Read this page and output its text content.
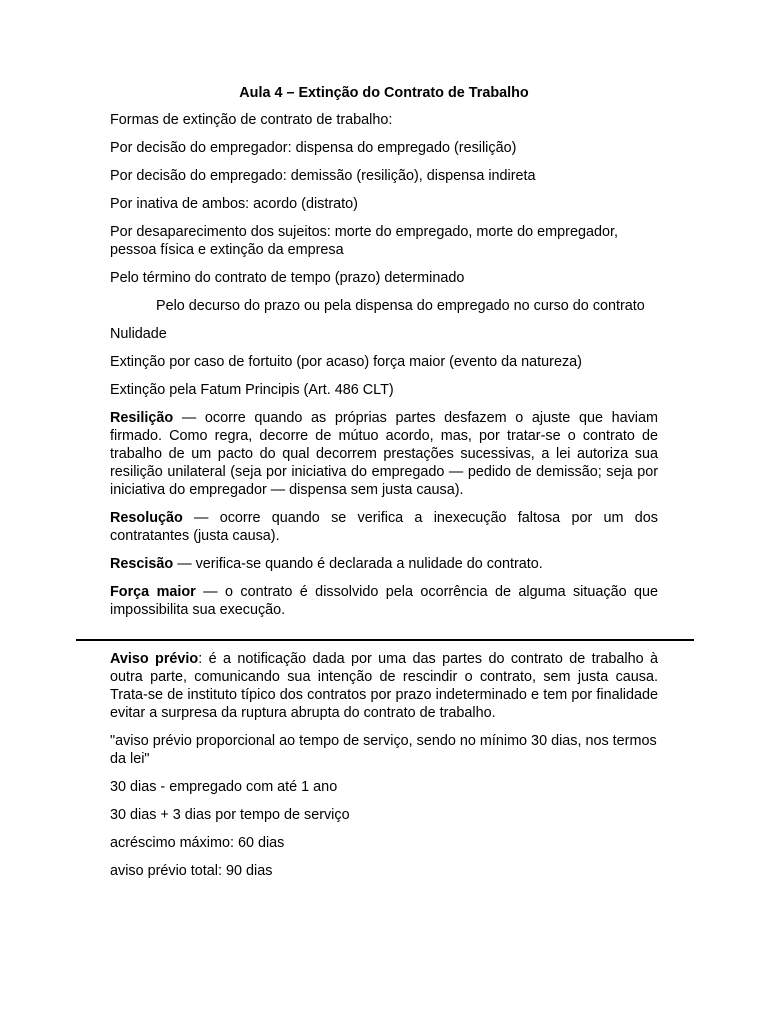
Aula 4 – Extinção do Contrato de Trabalho

Formas de extinção de contrato de trabalho:

Por decisão do empregador: dispensa do empregado (resilição)

Por decisão do empregado: demissão (resilição), dispensa indireta

Por inativa de ambos: acordo (distrato)

Por desaparecimento dos sujeitos: morte do empregado, morte do empregador, pessoa física e extinção da empresa

Pelo término do contrato de tempo (prazo) determinado

Pelo decurso do prazo ou pela dispensa do empregado no curso do contrato

Nulidade

Extinção por caso de fortuito (por acaso) força maior (evento da natureza)

Extinção pela Fatum Principis (Art. 486 CLT)

Resilição — ocorre quando as próprias partes desfazem o ajuste que haviam firmado. Como regra, decorre de mútuo acordo, mas, por tratar-se o contrato de trabalho de um pacto do qual decorrem prestações sucessivas, a lei autoriza sua resilição unilateral (seja por iniciativa do empregado — pedido de demissão; seja por iniciativa do empregador — dispensa sem justa causa).

Resolução — ocorre quando se verifica a inexecução faltosa por um dos contratantes (justa causa).

Rescisão — verifica-se quando é declarada a nulidade do contrato.

Força maior — o contrato é dissolvido pela ocorrência de alguma situação que impossibilita sua execução.

Aviso prévio: é a notificação dada por uma das partes do contrato de trabalho à outra parte, comunicando sua intenção de rescindir o contrato, sem justa causa. Trata-se de instituto típico dos contratos por prazo indeterminado e tem por finalidade evitar a surpresa da ruptura abrupta do contrato de trabalho.

"aviso prévio proporcional ao tempo de serviço, sendo no mínimo 30 dias, nos termos da lei"

30 dias - empregado com até 1 ano

30 dias + 3 dias por tempo de serviço

acréscimo máximo: 60 dias

aviso prévio total: 90 dias
